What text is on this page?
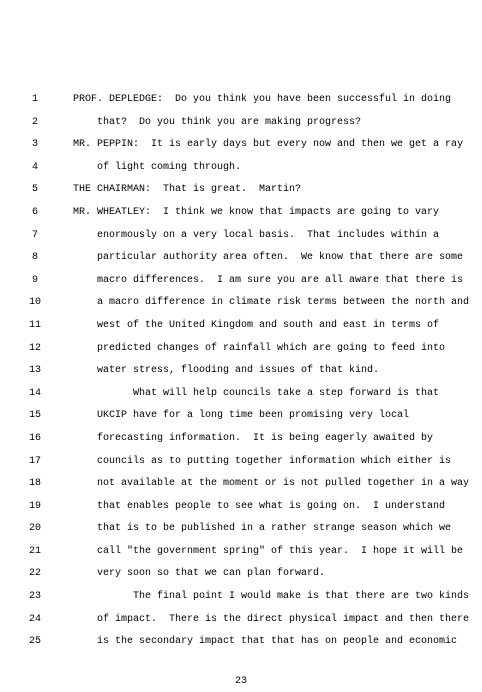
1	PROF. DEPLEDGE:  Do you think you have been successful in doing
2	that?  Do you think you are making progress?
3	MR. PEPPIN:  It is early days but every now and then we get a ray
4	of light coming through.
5	THE CHAIRMAN:  That is great.  Martin?
6	MR. WHEATLEY:  I think we know that impacts are going to vary
7	enormously on a very local basis.  That includes within a
8	particular authority area often.  We know that there are some
9	macro differences.  I am sure you are all aware that there is
10	a macro difference in climate risk terms between the north and
11	west of the United Kingdom and south and east in terms of
12	predicted changes of rainfall which are going to feed into
13	water stress, flooding and issues of that kind.
14	What will help councils take a step forward is that
15	UKCIP have for a long time been promising very local
16	forecasting information.  It is being eagerly awaited by
17	councils as to putting together information which either is
18	not available at the moment or is not pulled together in a way
19	that enables people to see what is going on.  I understand
20	that is to be published in a rather strange season which we
21	call "the government spring" of this year.  I hope it will be
22	very soon so that we can plan forward.
23	The final point I would make is that there are two kinds
24	of impact.  There is the direct physical impact and then there
25	is the secondary impact that that has on people and economic
23
